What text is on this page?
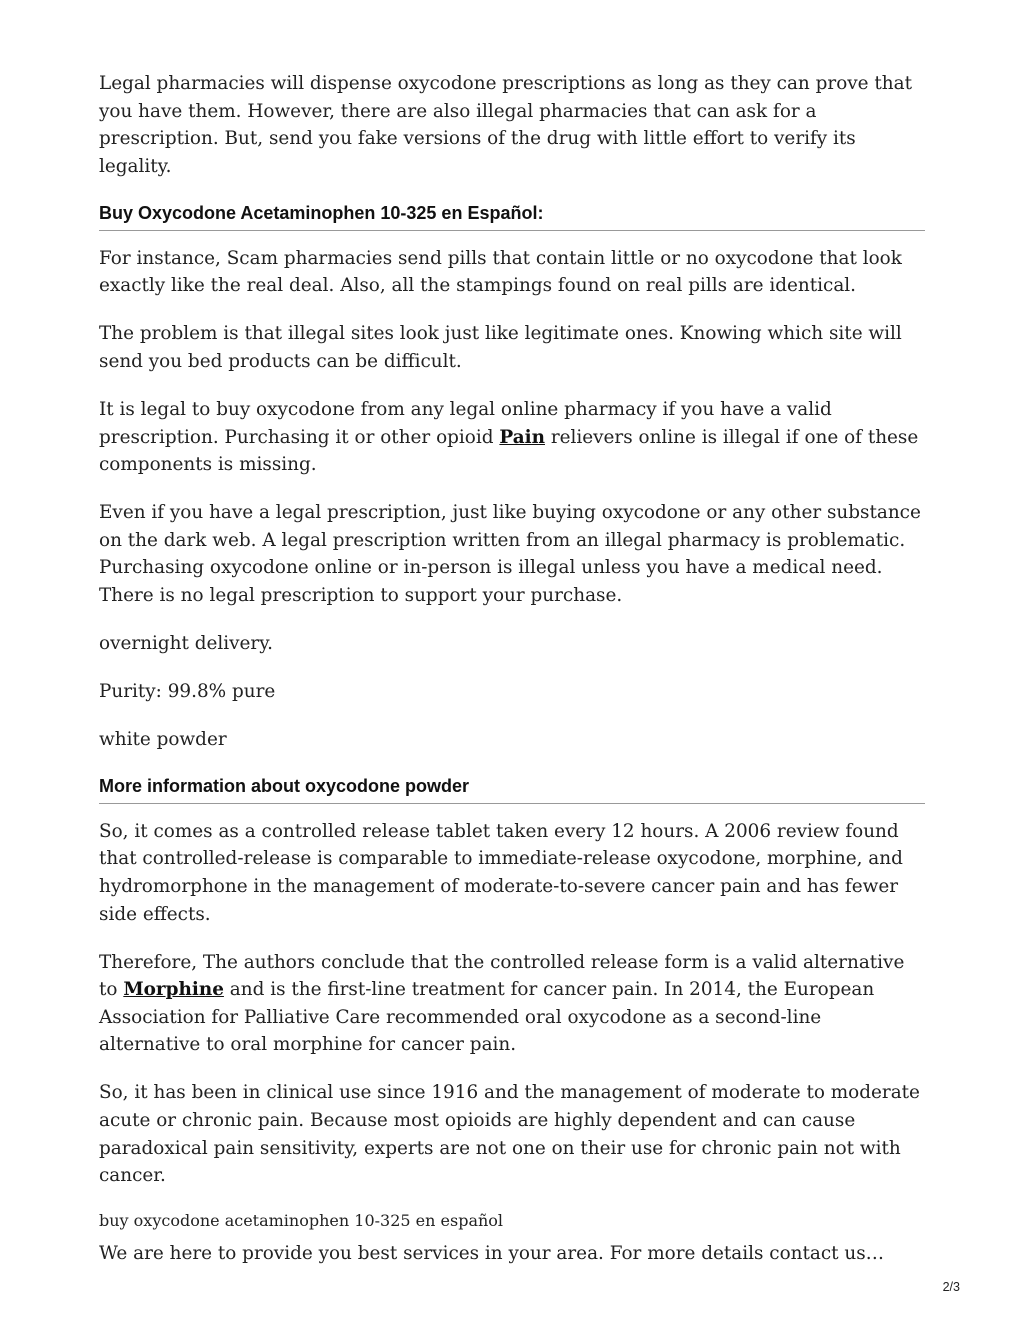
Legal pharmacies will dispense oxycodone prescriptions as long as they can prove that you have them. However, there are also illegal pharmacies that can ask for a prescription. But, send you fake versions of the drug with little effort to verify its legality.

Buy Oxycodone Acetaminophen 10-325 en Español:

For instance, Scam pharmacies send pills that contain little or no oxycodone that look exactly like the real deal. Also, all the stampings found on real pills are identical.

The problem is that illegal sites look just like legitimate ones. Knowing which site will send you bed products can be difficult.

It is legal to buy oxycodone from any legal online pharmacy if you have a valid prescription. Purchasing it or other opioid Pain relievers online is illegal if one of these components is missing.

Even if you have a legal prescription, just like buying oxycodone or any other substance on the dark web. A legal prescription written from an illegal pharmacy is problematic. Purchasing oxycodone online or in-person is illegal unless you have a medical need. There is no legal prescription to support your purchase.

overnight delivery.

Purity: 99.8% pure

white powder

More information about oxycodone powder

So, it comes as a controlled release tablet taken every 12 hours. A 2006 review found that controlled-release is comparable to immediate-release oxycodone, morphine, and hydromorphone in the management of moderate-to-severe cancer pain and has fewer side effects.

Therefore, The authors conclude that the controlled release form is a valid alternative to Morphine and is the first-line treatment for cancer pain. In 2014, the European Association for Palliative Care recommended oral oxycodone as a second-line alternative to oral morphine for cancer pain.

So, it has been in clinical use since 1916 and the management of moderate to moderate acute or chronic pain. Because most opioids are highly dependent and can cause paradoxical pain sensitivity, experts are not one on their use for chronic pain not with cancer.

buy oxycodone acetaminophen 10-325 en español

We are here to provide you best services in your area. For more details contact us…

2/3
